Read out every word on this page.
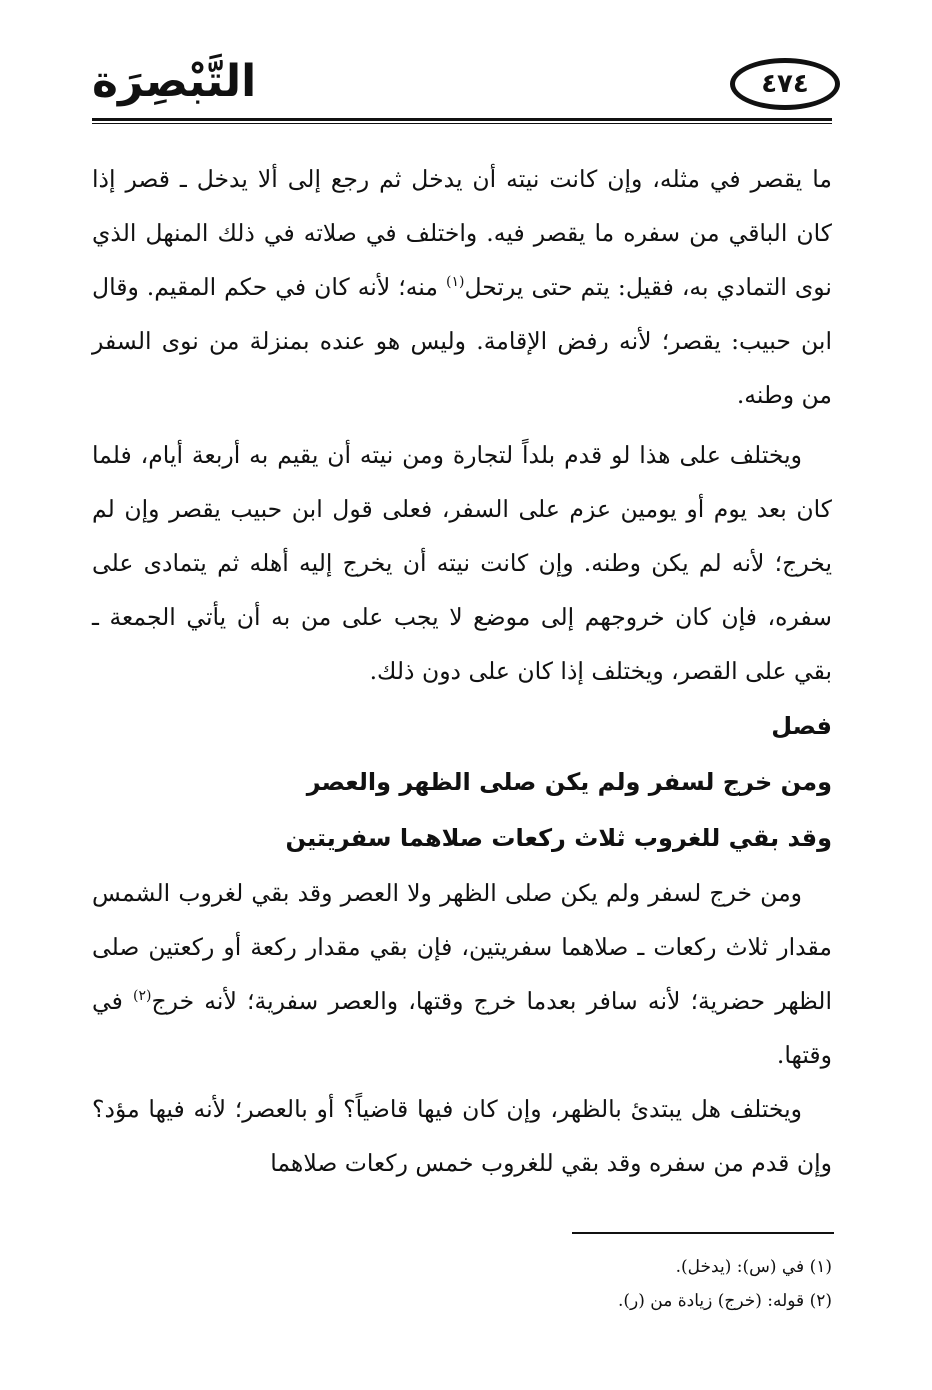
التَّبْصِرَة	٤٧٤

ما يقصر في مثله، وإن كانت نيته أن يدخل ثم رجع إلى ألا يدخل ـ قصر إذا كان الباقي من سفره ما يقصر فيه. واختلف في صلاته في ذلك المنهل الذي نوى التمادي به، فقيل: يتم حتى يرتحل$^{(١)}$ منه؛ لأنه كان في حكم المقيم. وقال ابن حبيب: يقصر؛ لأنه رفض الإقامة. وليس هو عنده بمنزلة من نوى السفر من وطنه.

ويختلف على هذا لو قدم بلداً لتجارة ومن نيته أن يقيم به أربعة أيام، فلما كان بعد يوم أو يومين عزم على السفر، فعلى قول ابن حبيب يقصر وإن لم يخرج؛ لأنه لم يكن وطنه. وإن كانت نيته أن يخرج إليه أهله ثم يتمادى على سفره، فإن كان خروجهم إلى موضع لا يجب على من به أن يأتي الجمعة ـ بقي على القصر، ويختلف إذا كان على دون ذلك.

فصل

ومن خرج لسفر ولم يكن صلى الظهر والعصر

وقد بقي للغروب ثلاث ركعات صلاهما سفريتين

ومن خرج لسفر ولم يكن صلى الظهر ولا العصر وقد بقي لغروب الشمس مقدار ثلاث ركعات ـ صلاهما سفريتين، فإن بقي مقدار ركعة أو ركعتين صلى الظهر حضرية؛ لأنه سافر بعدما خرج وقتها، والعصر سفرية؛ لأنه خرج$^{(٢)}$ في وقتها.

ويختلف هل يبتدئ بالظهر، وإن كان فيها قاضياً؟ أو بالعصر؛ لأنه فيها مؤد؟ وإن قدم من سفره وقد بقي للغروب خمس ركعات صلاهما

(١) في (س): (يدخل).

(٢) قوله: (خرج) زيادة من (ر).
